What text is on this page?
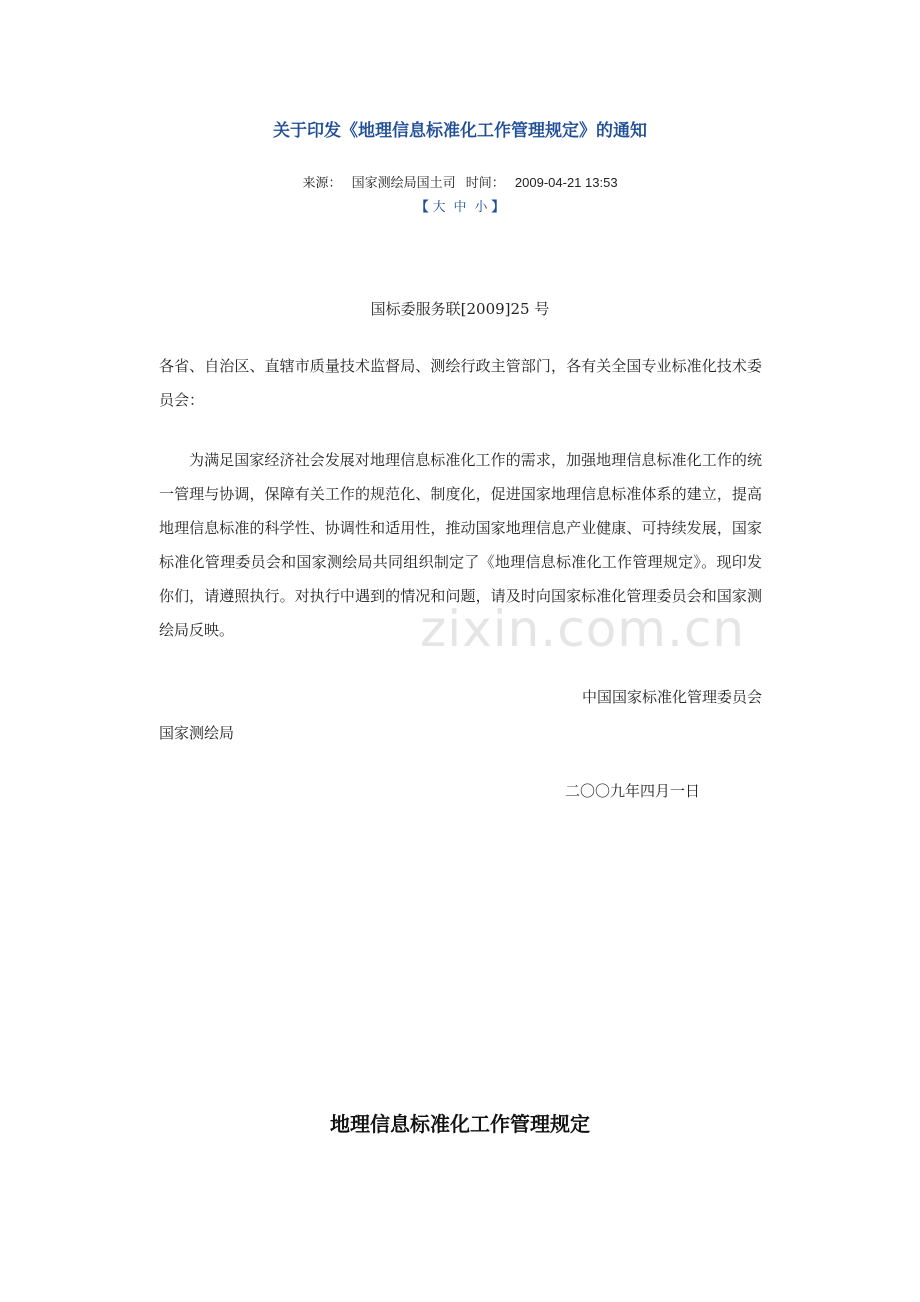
关于印发《地理信息标准化工作管理规定》的通知
来源： 国家测绘局国土司 时间： 2009-04-21 13:53
【 大 中 小 】
国标委服务联[2009]25 号
各省、自治区、直辖市质量技术监督局、测绘行政主管部门，各有关全国专业标准化技术委员会：
为满足国家经济社会发展对地理信息标准化工作的需求，加强地理信息标准化工作的统一管理与协调，保障有关工作的规范化、制度化，促进国家地理信息标准体系的建立，提高地理信息标准的科学性、协调性和适用性，推动国家地理信息产业健康、可持续发展，国家标准化管理委员会和国家测绘局共同组织制定了《地理信息标准化工作管理规定》。现印发你们，请遵照执行。对执行中遇到的情况和问题，请及时向国家标准化管理委员会和国家测绘局反映。	zixin.com.cn
中国国家标准化管理委员会
国家测绘局
二〇〇九年四月一日
地理信息标准化工作管理规定
